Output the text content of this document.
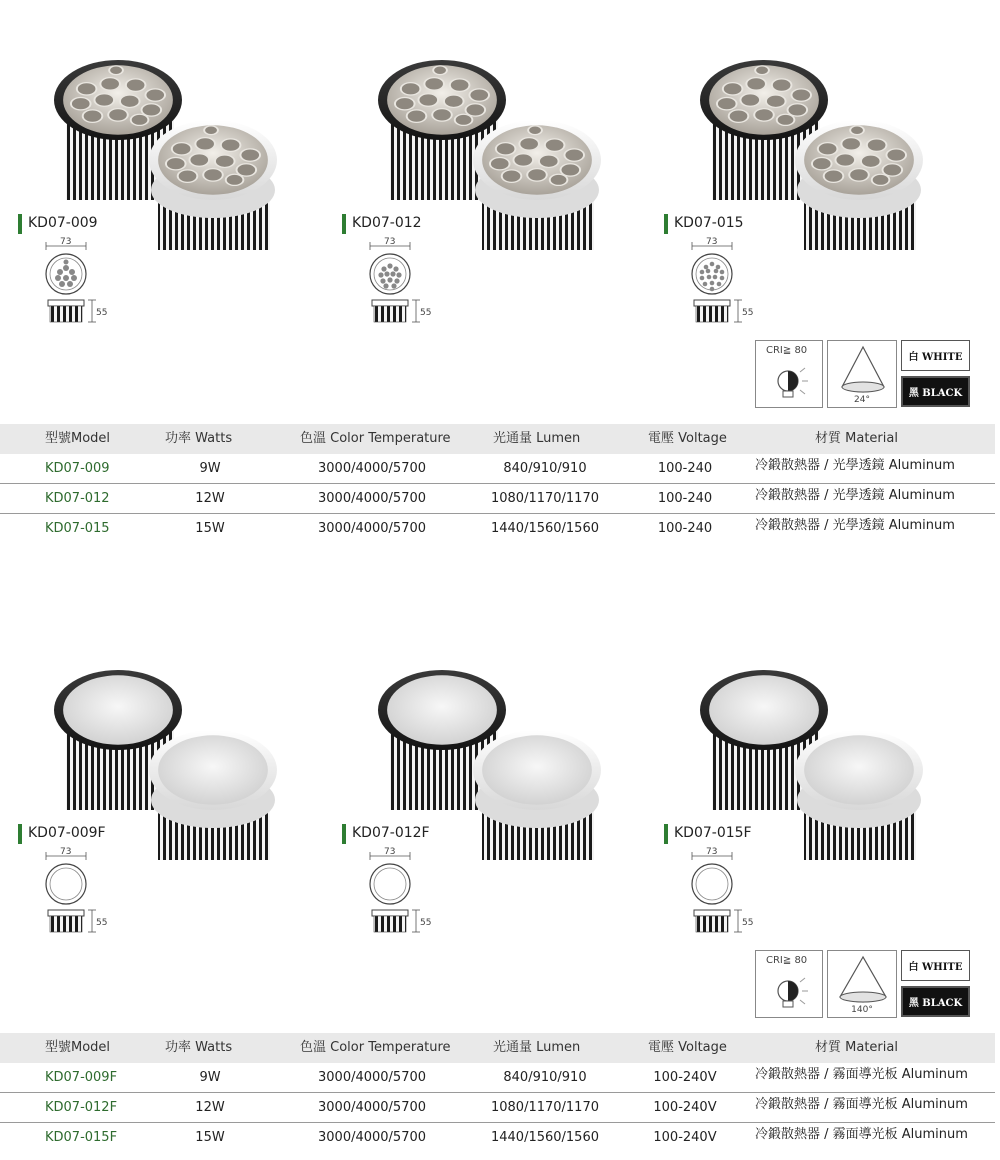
KD07-009
73
55
KD07-012
73
55
KD07-015
73
55
CRI≧ 80
24°
白 WHITE
黑 BLACK
型號Model	功率 Watts	色溫 Color Temperature	光通量 Lumen	電壓 Voltage	材質 Material
KD07-009	9W	3000/4000/5700	840/910/910	100-240	冷鍛散熱器 / 光學透鏡 Aluminum
KD07-012	12W	3000/4000/5700	1080/1170/1170	100-240	冷鍛散熱器 / 光學透鏡 Aluminum
KD07-015	15W	3000/4000/5700	1440/1560/1560	100-240	冷鍛散熱器 / 光學透鏡 Aluminum
KD07-009F
73
55
KD07-012F
73
55
KD07-015F
73
55
CRI≧ 80
140°
白 WHITE
黑 BLACK
型號Model	功率 Watts	色溫 Color Temperature	光通量 Lumen	電壓 Voltage	材質 Material
KD07-009F	9W	3000/4000/5700	840/910/910	100-240V	冷鍛散熱器 / 霧面導光板 Aluminum
KD07-012F	12W	3000/4000/5700	1080/1170/1170	100-240V	冷鍛散熱器 / 霧面導光板 Aluminum
KD07-015F	15W	3000/4000/5700	1440/1560/1560	100-240V	冷鍛散熱器 / 霧面導光板 Aluminum
